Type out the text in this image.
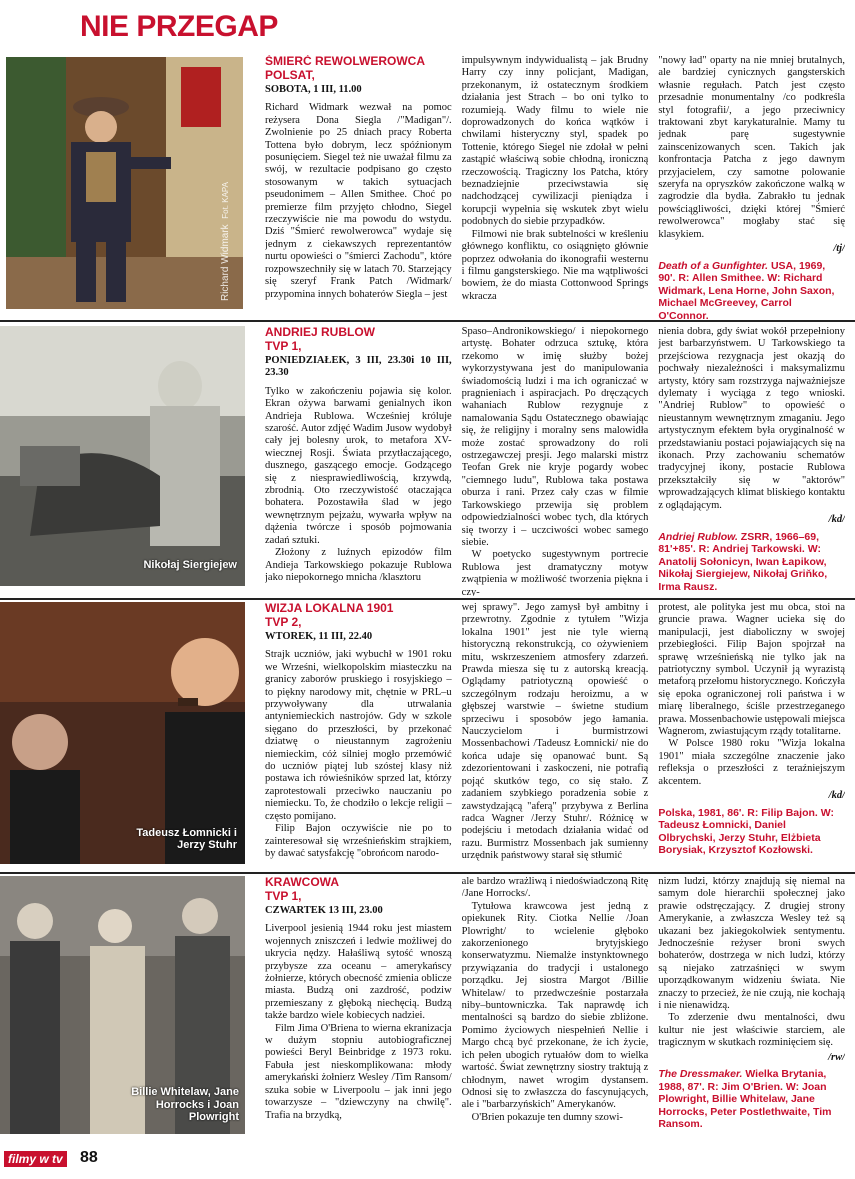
NIE PRZEGAP
Richard Widmark  Fot. KAPA
ŚMIERĆ REWOLWEROWCA
POLSAT,
SOBOTA, 1 III, 11.00

Richard Widmark wezwał na pomoc reżysera Dona Siegla /"Madigan"/. Zwolnienie po 25 dniach pracy Roberta Tottena było dobrym, lecz spóźnionym posunięciem. Siegel też nie uważał filmu za swój, w rezultacie podpisano go często stosowanym w takich sytuacjach pseudonimem – Allen Smithee. Choć po premierze film przyjęto chłodno, Siegel rzeczywiście nie ma powodu do wstydu. Dziś "Śmierć rewolwerowca" wydaje się jednym z ciekawszych reprezentantów nurtu opowieści o "śmierci Zachodu", które rozpowszechniły się w latach 70. Starzejący się szeryf Frank Patch /Widmark/ przypomina innych bohaterów Siegla – jest

impulsywnym indywidualistą – jak Brudny Harry czy inny policjant, Madigan, przekonanym, iż ostatecznym środkiem działania jest Strach – bo oni tylko to rozumieją. Wady filmu to wiele nie doprowadzonych do końca wątków i chwilami histeryczny styl, spadek po Tottenie, którego Siegel nie zdołał w pełni zastąpić właściwą sobie chłodną, ironiczną rzeczowością. Tragiczny los Patcha, który beznadziejnie przeciwstawia się nadchodzącej cywilizacji pieniądza i korupcji wypełnia się wskutek zbyt wielu podobnych do siebie przypadków.

Filmowi nie brak subtelności w kreśleniu głównego konfliktu, co osiągnięto głównie poprzez odwołania do ikonografii westernu i filmu gangsterskiego. Nie ma wątpliwości bowiem, że do miasta Cottonwood Springs wkracza

"nowy ład" oparty na nie mniej brutalnych, ale bardziej cynicznych gangsterskich własnie regułach. Patch jest często przesadnie monumentalny /co podkreśla styl fotografii/, a jego przeciwnicy traktowani zbyt karykaturalnie. Mamy tu jednak parę sugestywnie zainscenizowanych scen. Takich jak konfrontacja Patcha z jego dawnym przyjacielem, czy samotne polowanie szeryfa na opryszków zakończone walką w zagrodzie dla bydła. Zabrakło tu jednak powściągliwości, dzięki której "Śmierć rewolwerowca" mogłaby stać się klasykiem.

/tj/
Death of a Gunfighter. USA, 1969, 90'. R: Allen Smithee. W: Richard Widmark, Lena Horne, John Saxon, Michael McGreevey, Carrol O'Connor.
Nikołaj Siergiejew
ANDRIEJ RUBLOW
TVP 1,
PONIEDZIAŁEK, 3 III, 23.30i 10 III, 23.30

Tylko w zakończeniu pojawia się kolor. Ekran ożywa barwami genialnych ikon Andrieja Rublowa. Wcześniej króluje szarość. Autor zdjęć Wadim Jusow wydobył cały jej bolesny urok, to metafora XV-wiecznej Rosji. Świata przytłaczającego, dusznego, gaszącego emocje. Godzącego się z niesprawiedliwością, krzywdą, zbrodnią. Oto rzeczywistość otaczająca bohatera. Pozostawiła ślad w jego wewnętrznym pejzażu, wywarła wpływ na dążenia twórcze i sposób pojmowania zadań sztuki.

Złożony z luźnych epizodów film Andieja Tarkowskiego pokazuje Rublowa jako niepokornego mnicha /klasztoru

Spaso–Andronikowskiego/ i niepokornego artystę. Bohater odrzuca sztukę, która rzekomo w imię służby bożej wykorzystywana jest do manipulowania świadomością ludzi i ma ich ograniczać w pragnieniach i aspiracjach. Po dręczących wahaniach Rublow rezygnuje z namalowania Sądu Ostatecznego obawiając się, że religijny i moralny sens malowidła może zostać sprowadzony do roli ostrzegawczej presji. Jego malarski mistrz Teofan Grek nie kryje pogardy wobec "ciemnego ludu", Rublowa taka postawa oburza i rani. Przez cały czas w filmie Tarkowskiego przewija się problem odpowiedzialności wobec tych, dla których się tworzy i – uczciwości wobec samego siebie.

W poetycko sugestywnym portrecie Rublowa jest dramatyczny motyw zwątpienia w możliwość tworzenia piękna i czy-

nienia dobra, gdy świat wokół przepełniony jest barbarzyństwem. U Tarkowskiego ta przejściowa rezygnacja jest okazją do pochwały niezależności i maksymalizmu artysty, który sam rozstrzyga najważniejsze dylematy i wyciąga z tego wnioski. "Andriej Rublow" to opowieść o nieustannym wewnętrznym zmaganiu. Jego artystycznym efektem była oryginalność w przedstawianiu postaci pojawiających się na ikonach. Przy zachowaniu schematów tradycyjnej ikony, postacie Rublowa przekształciły się w "aktorów" wprowadzających klimat bliskiego kontaktu z oglądającym.

/kd/
Andriej Rublow. ZSRR, 1966–69, 81'+85'. R: Andriej Tarkowski. W: Anatolij Sołonicyn, Iwan Łapikow, Nikołaj Siergiejew, Nikołaj Griňko, Irma Rausz.
Tadeusz Łomnicki i Jerzy Stuhr
WIZJA LOKALNA 1901
TVP 2,
WTOREK, 11 III, 22.40

Strajk uczniów, jaki wybuchł w 1901 roku we Wrześni, wielkopolskim miasteczku na granicy zaborów pruskiego i rosyjskiego – to piękny narodowy mit, chętnie w PRL–u przywoływany dla utrwalania antyniemieckich nastrojów. Gdy w szkole sięgano do przeszłości, by przekonać dziatwę o nieustannym zagrożeniu niemieckim, cóż silniej mogło przemówić do uczniów piątej lub szóstej klasy niż postawa ich rówieśników sprzed lat, którzy zaprotestowali przeciwko nauczaniu po niemiecku. To, że chodziło o lekcje religii – często pomijano.

Filip Bajon oczywiście nie po to zainteresował się wrześnieńskim strajkiem, by dawać satysfakcję "obrońcom narodo-

wej sprawy". Jego zamysł był ambitny i przewrotny. Zgodnie z tytułem "Wizja lokalna 1901" jest nie tyle wierną historyczną rekonstrukcją, co ożywieniem mitu, wskrzeszeniem atmosfery zdarzeń. Prawda miesza się tu z autorską kreacją. Oglądamy patriotyczną opowieść o szczególnym rodzaju heroizmu, a w głębszej warstwie – świetne studium sprzeciwu i sposobów jego łamania. Nauczycielom i burmistrzowi Mossenbachowi /Tadeusz Łomnicki/ nie do końca udaje się opanować bunt. Są zdezorientowani i zaskoczeni, nie potrafią pojąć skutków tego, co się stało. Z zadaniem szybkiego poradzenia sobie z zawstydzającą "aferą" przybywa z Berlina radca Wagner /Jerzy Stuhr/. Różnicę w podejściu i metodach działania widać od razu. Burmistrz Mossenbach jak sumienny urzędnik państwowy starał się stłumić

protest, ale polityka jest mu obca, stoi na gruncie prawa. Wagner ucieka się do manipulacji, jest diaboliczny w swojej przebiegłości. Filip Bajon spojrzał na sprawę wrześnieńską nie tylko jak na patriotyczny symbol. Uczynił ją wyrazistą metaforą przełomu historycznego. Kończyła się epoka ograniczonej roli państwa i w miarę liberalnego, ściśle przestrzeganego prawa. Mossenbachowie ustępowali miejsca Wagnerom, zwiastującym rządy totalitarne.

W Polsce 1980 roku "Wizja lokalna 1901" miała szczególne znaczenie jako refleksja o przeszłości z teraźniejszym akcentem.

/kd/
Polska, 1981, 86'. R: Filip Bajon. W: Tadeusz Łomnicki, Daniel Olbrychski, Jerzy Stuhr, Elżbieta Borysiak, Krzysztof Kozłowski.
Billie Whitelaw, Jane Horrocks i Joan Plowright
KRAWCOWA
TVP 1,
CZWARTEK 13 III, 23.00

Liverpool jesienią 1944 roku jest miastem wojennych zniszczeń i ledwie możliwej do ukrycia nędzy. Hałaśliwą sytość wnoszą przybysze zza oceanu – amerykańscy żołnierze, których obecność zmienia oblicze miasta. Budzą oni zazdrość, podziw przemieszany z głęboką niechęcią. Budzą także bardzo wiele kobiecych nadziei.

Film Jima O'Briena to wierna ekranizacja w dużym stopniu autobiograficznej powieści Beryl Beinbridge z 1973 roku. Fabuła jest nieskomplikowana: młody amerykański żołnierz Wesley /Tim Ransom/ szuka sobie w Liverpoolu – jak inni jego towarzysze – "dziewczyny na chwilę". Trafia na brzydką,

ale bardzo wrażliwą i niedoświadczoną Ritę /Jane Horrocks/.

Tytułowa krawcowa jest jedną z opiekunek Rity. Ciotka Nellie /Joan Plowright/ to wcielenie głęboko zakorzenionego brytyjskiego konserwatyzmu. Niemalże instynktownego przywiązania do tradycji i ustalonego porządku. Jej siostra Margot /Billie Whitelaw/ to przedwcześnie postarzała niby–buntowniczka. Tak naprawdę ich mentalności są bardzo do siebie zbliżone. Pomimo życiowych niespełnień Nellie i Margo chcą być przekonane, że ich życie, ich pełen ubogich rytuałów dom to wielka wartość. Świat zewnętrzny siostry traktują z chłodnym, nawet wrogim dystansem. Odnosi się to zwłaszcza do fascynujących, ale i "barbarzyńskich" Amerykanów.

O'Brien pokazuje ten dumny szowi-

nizm ludzi, którzy znajdują się niemal na samym dole hierarchii społecznej jako prawie odstręczający. Z drugiej strony Amerykanie, a zwłaszcza Wesley też są ukazani bez jakiegokolwiek sentymentu. Jednocześnie reżyser broni swych bohaterów, dostrzega w nich ludzi, którzy są niejako zatrzaśnięci w swym uporządkowanym widzeniu świata. Nie znaczy to przecież, że nie czują, nie kochają i nie nienawidzą.

To zderzenie dwu mentalności, dwu kultur nie jest właściwie starciem, ale tragicznym w skutkach rozminięciem się.

/rw/
The Dressmaker. Wielka Brytania, 1988, 87'. R: Jim O'Brien. W: Joan Plowright, Billie Whitelaw, Jane Horrocks, Peter Postlethwaite, Tim Ransom.
filmy w tv 88
